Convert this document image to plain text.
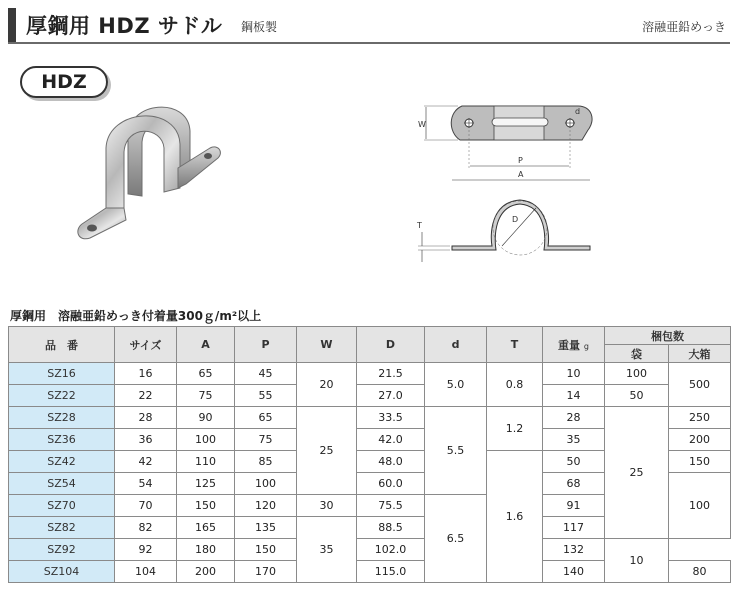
厚鋼用 HDZ サドル 鋼板製	溶融亜鉛めっき
HDZ
W
d
P
A
D
T
厚鋼用　溶融亜鉛めっき付着量300ｇ/m²以上
品　番	サイズ	A	P	W	D	d	T	重量 g	梱包数	
									袋	大箱
SZ16	16	65	45	20	21.5	5.0	0.8	10	100	500
SZ22	22	75	55		27.0			14	50	
SZ28	28	90	65	25	33.5	5.5	1.2	28	25	250
SZ36	36	100	75		42.0			35		200
SZ42	42	110	85		48.0		1.6	50		150
SZ54	54	125	100		60.0			68		100
SZ70	70	150	120	30	75.5	6.5		91		
SZ82	82	165	135	35	88.5			117		
SZ92	92	180	150		102.0			132	10	
SZ104	104	200	170		115.0			140		80
